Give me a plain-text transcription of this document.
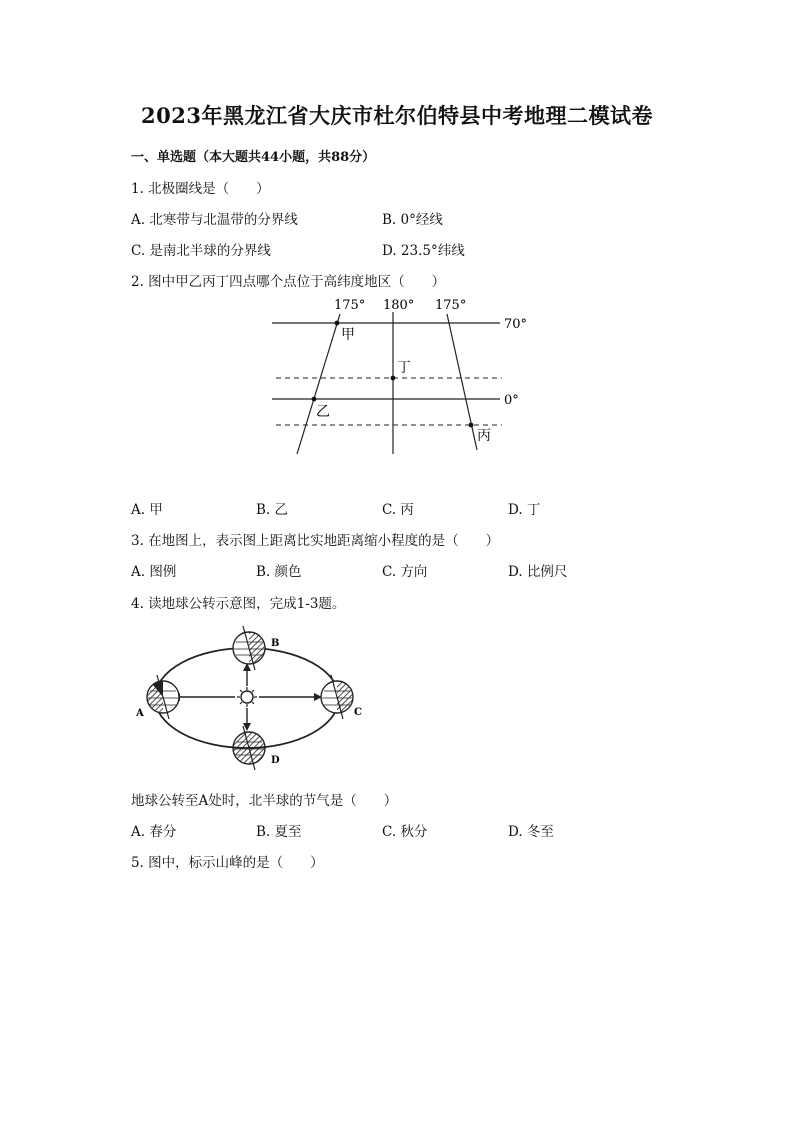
2023年黑龙江省大庆市杜尔伯特县中考地理二模试卷
一、单选题（本大题共44小题，共88分）
1. 北极圈线是（　　）
A. 北寒带与北温带的分界线	B. 0°经线
C. 是南北半球的分界线	D. 23.5°纬线
2. 图中甲乙丙丁四点哪个点位于高纬度地区（　　）
175° 180° 175°
70°
0°
甲
乙
丁
丙
A. 甲	B. 乙	C. 丙	D. 丁
3. 在地图上，表示图上距离比实地距离缩小程度的是（　　）
A. 图例	B. 颜色	C. 方向	D. 比例尺
4. 读地球公转示意图，完成1-3题。
B
A	C
D
地球公转至A处时，北半球的节气是（　　）
A. 春分	B. 夏至	C. 秋分	D. 冬至
5. 图中，标示山峰的是（　　）
